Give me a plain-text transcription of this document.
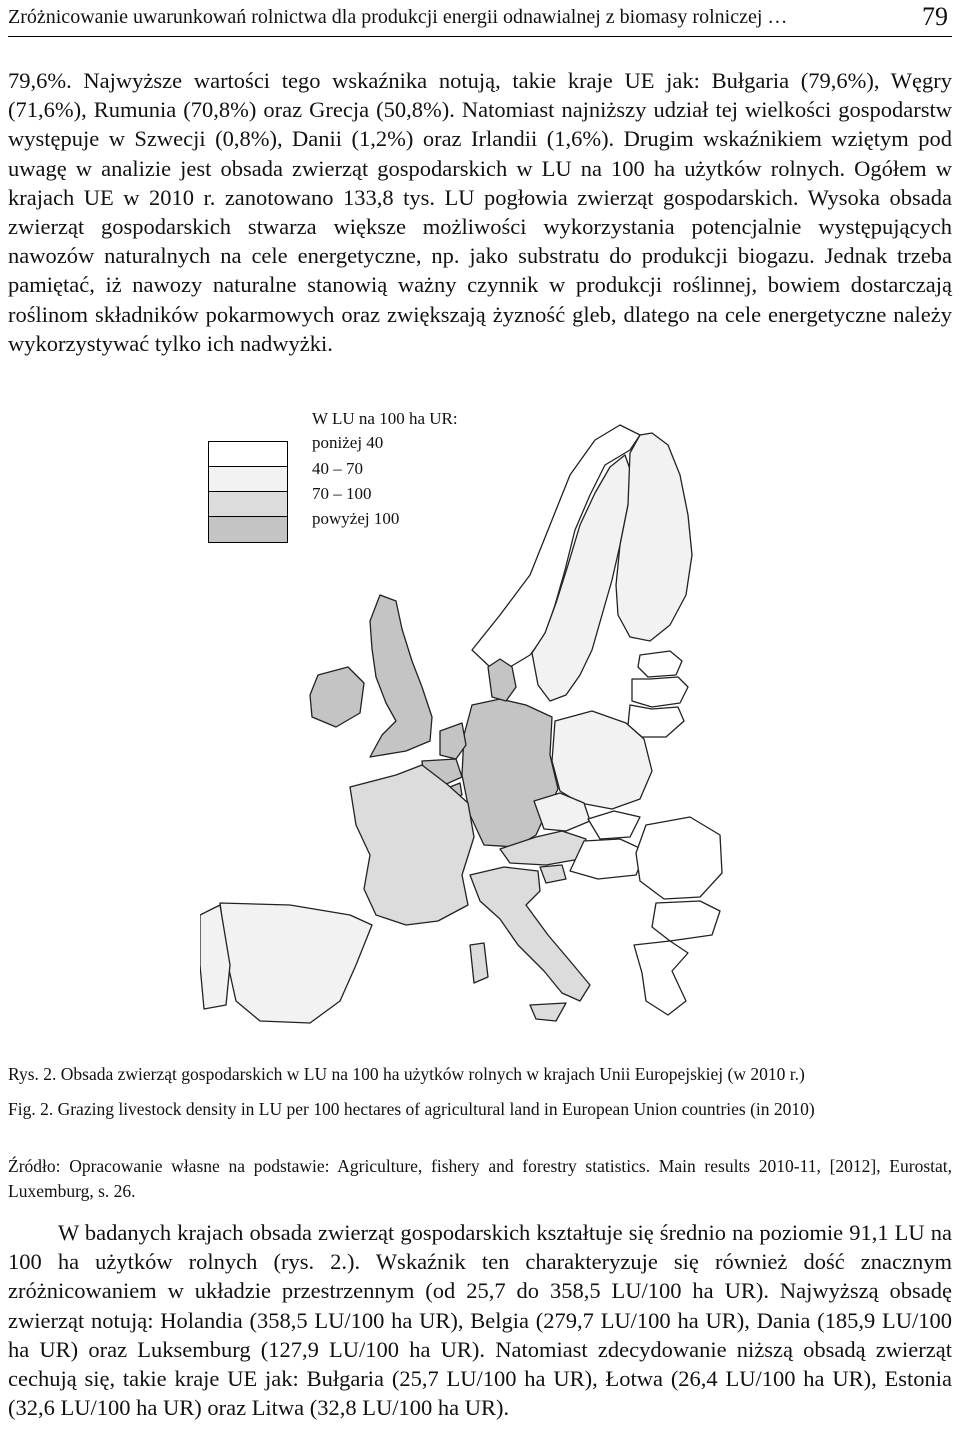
Zróżnicowanie uwarunkowań rolnictwa dla produkcji energii odnawialnej z biomasy rolniczej …	79

79,6%. Najwyższe wartości tego wskaźnika notują, takie kraje UE jak: Bułgaria (79,6%), Węgry (71,6%), Rumunia (70,8%) oraz Grecja (50,8%). Natomiast najniższy udział tej wielkości gospodarstw występuje w Szwecji (0,8%), Danii (1,2%) oraz Irlandii (1,6%). Drugim wskaźnikiem wziętym pod uwagę w analizie jest obsada zwierząt gospodarskich w LU na 100 ha użytków rolnych. Ogółem w krajach UE w 2010 r. zanotowano 133,8 tys. LU pogłowia zwierząt gospodarskich. Wysoka obsada zwierząt gospodarskich stwarza większe możliwości wykorzystania potencjalnie występujących nawozów naturalnych na cele energetyczne, np. jako substratu do produkcji biogazu. Jednak trzeba pamiętać, iż nawozy naturalne stanowią ważny czynnik w produkcji roślinnej, bowiem dostarczają roślinom składników pokarmowych oraz zwiększają żyzność gleb, dlatego na cele energetyczne należy wykorzystywać tylko ich nadwyżki.

W LU na 100 ha UR:
poniżej 40
40 – 70
70 – 100
powyżej 100

Rys. 2. Obsada zwierząt gospodarskich w LU na 100 ha użytków rolnych w krajach Unii Europejskiej (w 2010 r.)

Fig. 2. Grazing livestock density in LU per 100 hectares of agricultural land in European Union countries (in 2010)

Źródło: Opracowanie własne na podstawie: Agriculture, fishery and forestry statistics. Main results 2010-11, [2012], Eurostat, Luxemburg, s. 26.

W badanych krajach obsada zwierząt gospodarskich kształtuje się średnio na poziomie 91,1 LU na 100 ha użytków rolnych (rys. 2.). Wskaźnik ten charakteryzuje się również dość znacznym zróżnicowaniem w układzie przestrzennym (od 25,7 do 358,5 LU/100 ha UR). Najwyższą obsadę zwierząt notują: Holandia (358,5 LU/100 ha UR), Belgia (279,7 LU/100 ha UR), Dania (185,9 LU/100 ha UR) oraz Luksemburg (127,9 LU/100 ha UR). Natomiast zdecydowanie niższą obsadą zwierząt cechują się, takie kraje UE jak: Bułgaria (25,7 LU/100 ha UR), Łotwa (26,4 LU/100 ha UR), Estonia (32,6 LU/100 ha UR) oraz Litwa (32,8 LU/100 ha UR).
